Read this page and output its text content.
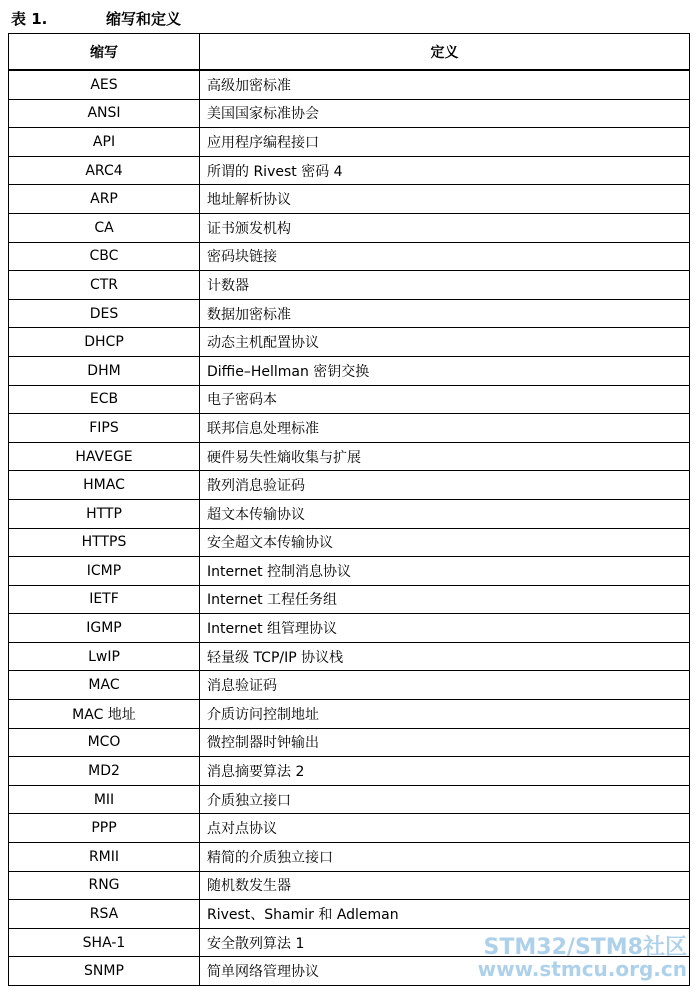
表 1.	缩写和定义
缩写	定义
AES	高级加密标准
ANSI	美国国家标准协会
API	应用程序编程接口
ARC4	所谓的 Rivest 密码 4
ARP	地址解析协议
CA	证书颁发机构
CBC	密码块链接
CTR	计数器
DES	数据加密标准
DHCP	动态主机配置协议
DHM	Diffie–Hellman 密钥交换
ECB	电子密码本
FIPS	联邦信息处理标准
HAVEGE	硬件易失性熵收集与扩展
HMAC	散列消息验证码
HTTP	超文本传输协议
HTTPS	安全超文本传输协议
ICMP	Internet 控制消息协议
IETF	Internet 工程任务组
IGMP	Internet 组管理协议
LwIP	轻量级 TCP/IP 协议栈
MAC	消息验证码
MAC 地址	介质访问控制地址
MCO	微控制器时钟输出
MD2	消息摘要算法 2
MII	介质独立接口
PPP	点对点协议
RMII	精简的介质独立接口
RNG	随机数发生器
RSA	Rivest、Shamir 和 Adleman
SHA-1	安全散列算法 1
SNMP	简单网络管理协议
STM32/STM8社区
www.stmcu.org.cn
